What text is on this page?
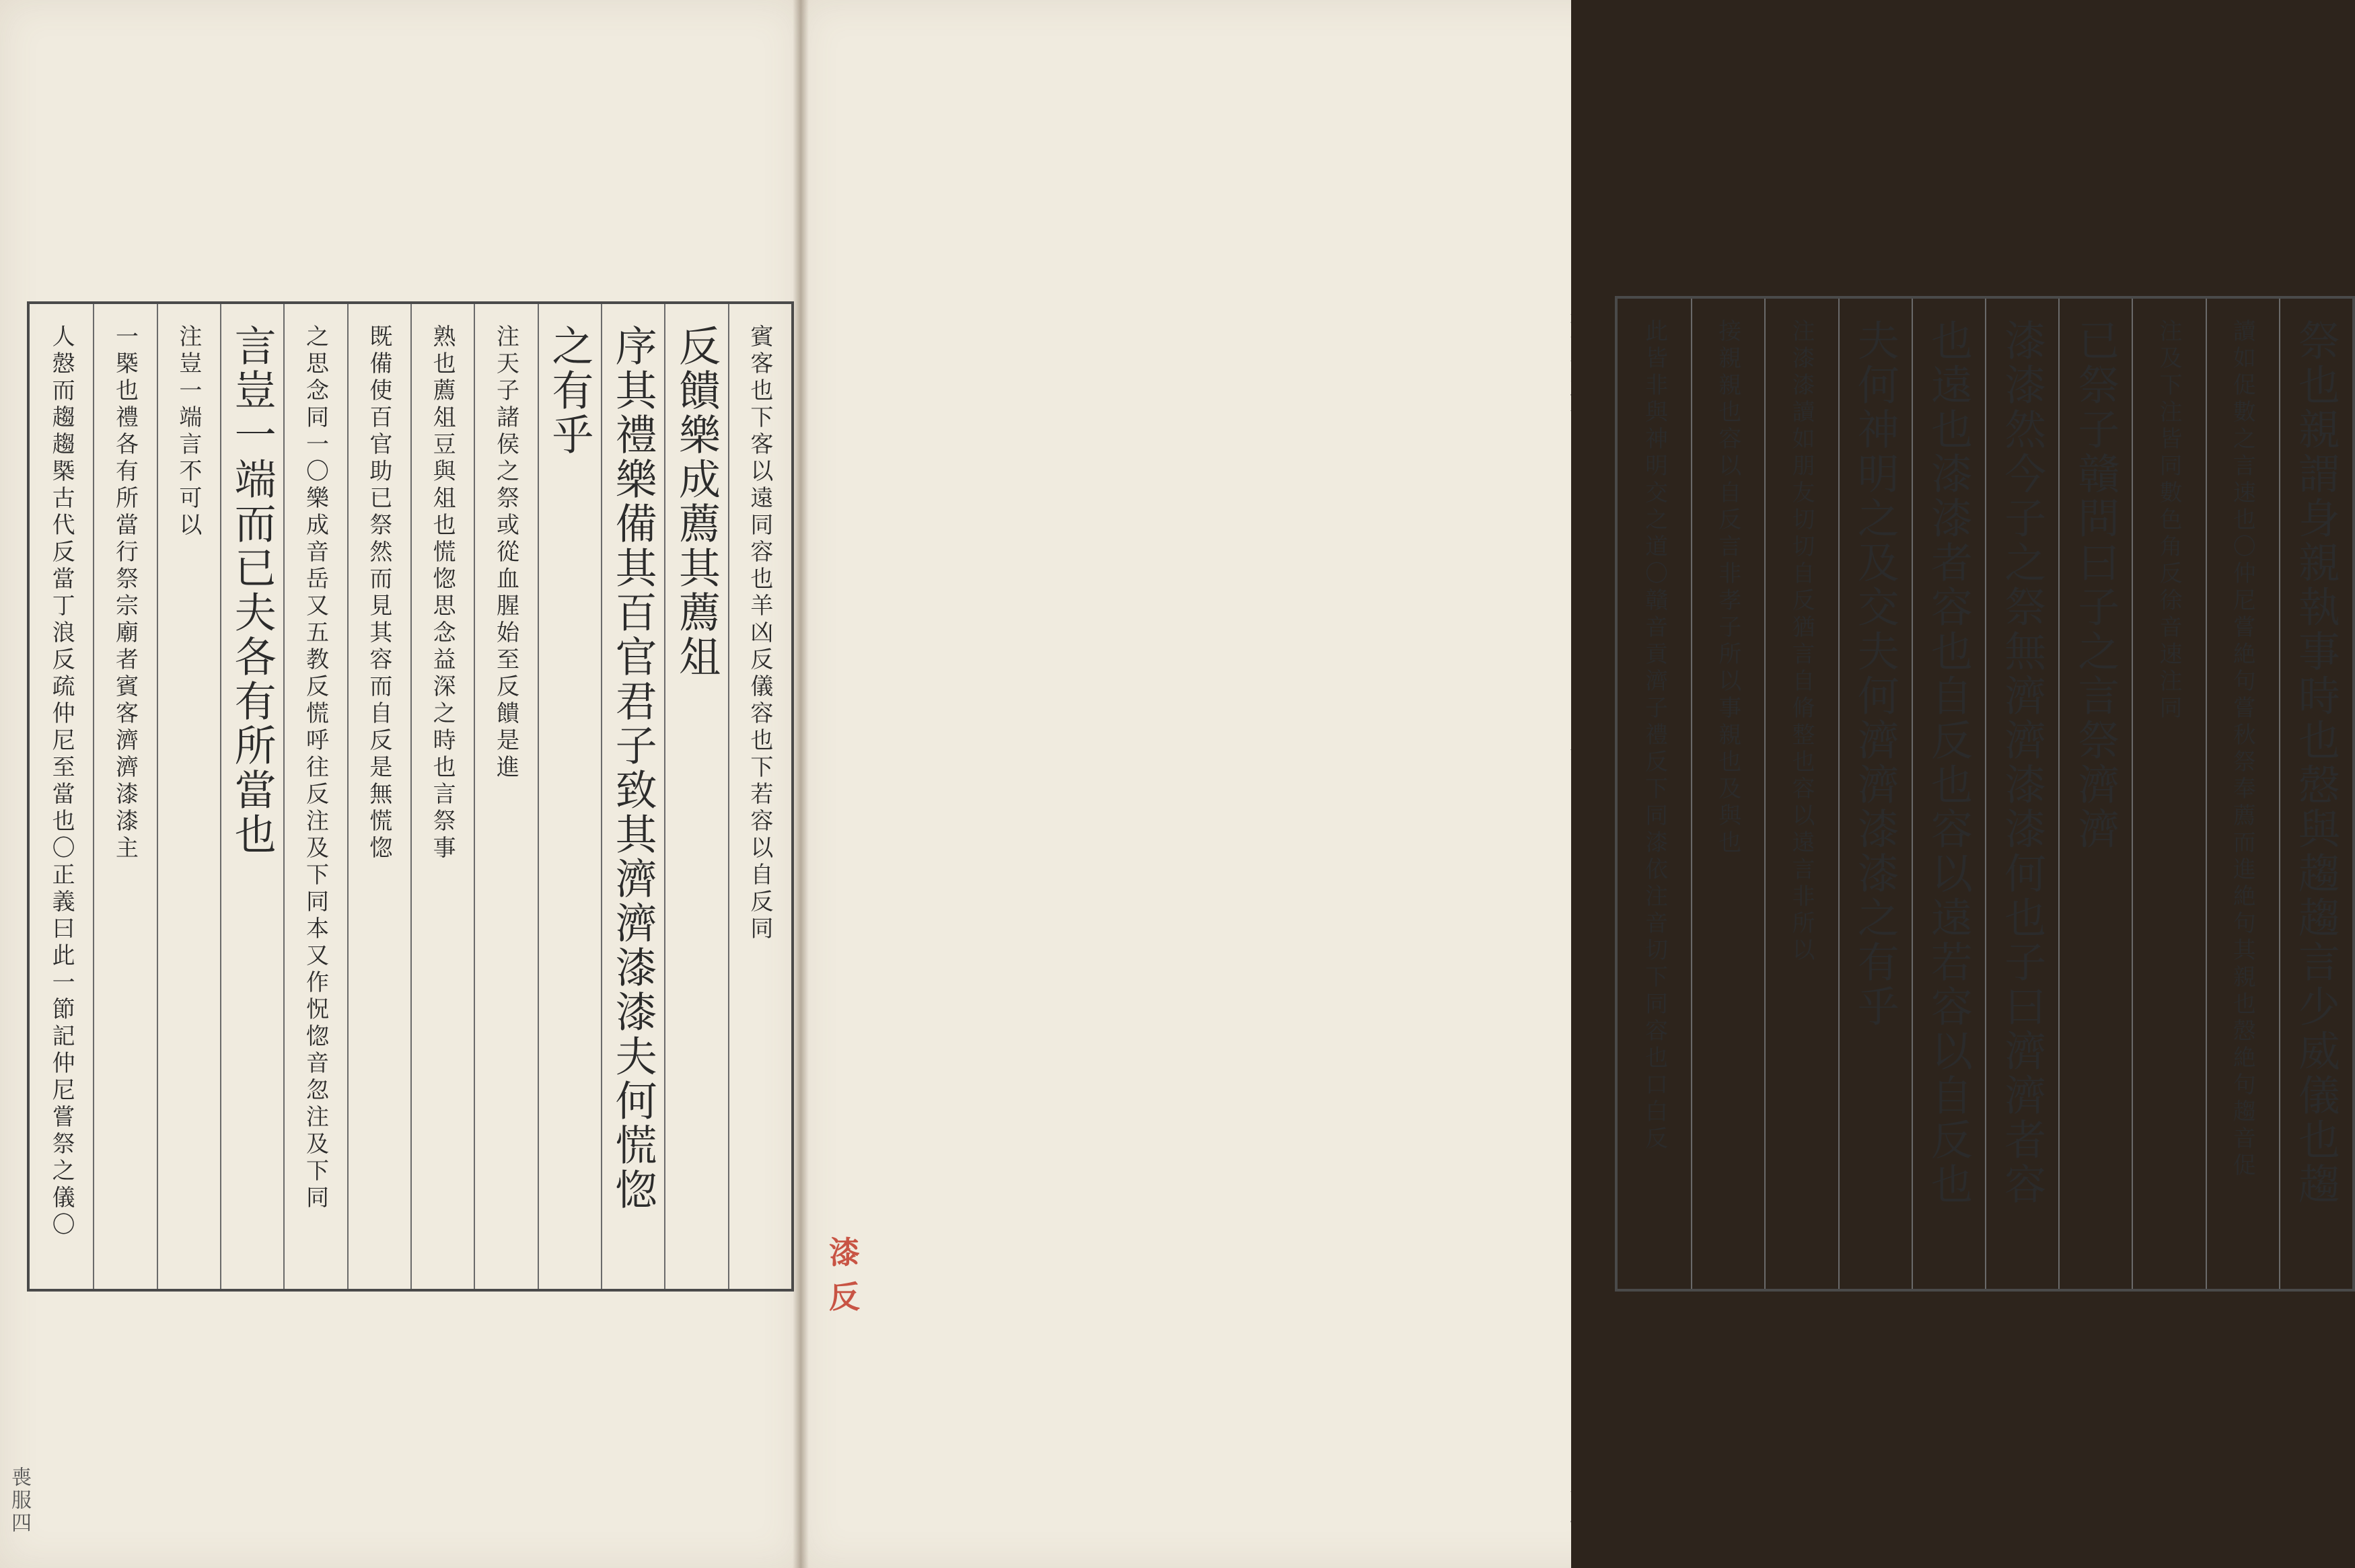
賓客也下客以遠同容也羊凶反儀容也下若容以自反同
反饋樂成薦其薦俎
序其禮樂備其百官君子致其濟濟漆漆夫何慌惚
之有乎
注天子諸侯之祭或從血腥始至反饋是進
熟也薦俎豆與俎也慌惚思念益深之時也言祭事
既備使百官助已祭然而見其容而自反是無慌惚
之思念同一〇樂成音岳又五教反慌呼往反注及下同本又作怳惚音忽注及下同
言豈一端而已夫各有所當也
注豈一端言不可以
一槩也禮各有所當行祭宗廟者賓客濟濟漆漆主
人慤而趨趨槩古代反當丁浪反疏仲尼至當也〇正義曰此一節記仲尼嘗祭之儀〇
喪服四
祭也親謂身親執事時也慤與趨趨言少威儀也趨
讀如促數之言速也〇仲尼嘗絶句嘗秋祭奉薦而進絶句其親也慤絶句趨音促
注及下注皆同數色角反徐音速注同
已祭子贛問曰子之言祭濟濟
漆漆然今子之祭無濟濟漆漆何也子曰濟濟者容
也遠也漆漆者容也自反也容以遠若容以自反也
夫何神明之及交夫何濟濟漆漆之有乎
注漆漆讀如朋友切切自反猶言自脩整也容以遠言非所以
接親親也容以自反言非孝子所以事親也及與也
此皆非與神明交之道〇贛音貢濟子禮反下同漆依注音切下同容也口白反
漆反
